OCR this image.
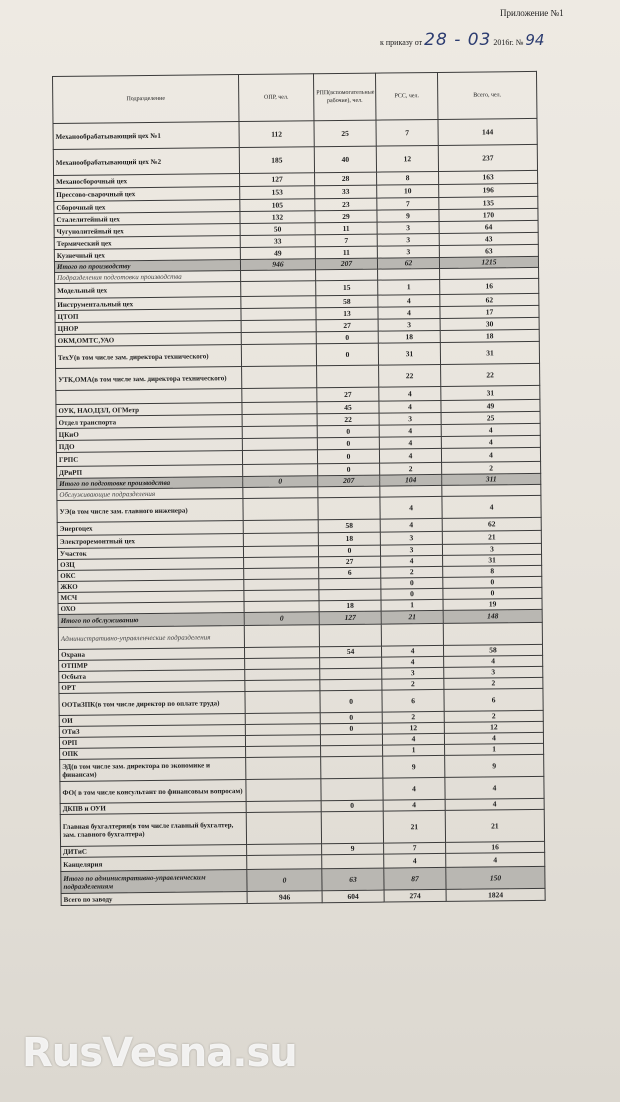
Приложение №1
к приказу от 28 - 03 2016г. № 94
Подразделение	ОПР, чел.	РПП(вспомогательные рабочие), чел.	РСС, чел.	Всего, чел.
Механообрабатывающий цех №1	112	25	7	144
Механообрабатывающий цех №2	185	40	12	237
Механосборочный цех	127	28	8	163
Прессово-сварочный цех	153	33	10	196
Сборочный цех	105	23	7	135
Сталелитейный цех	132	29	9	170
Чугунолитейный цех	50	11	3	64
Термический цех	33	7	3	43
Кузнечный цех	49	11	3	63
Итого по производству	946	207	62	1215
Подразделения подготовки производства				
Модельный цех		15	1	16
Инструментальный цех		58	4	62
ЦТОП		13	4	17
ЦНОР		27	3	30
ОКМ,ОМТС,УАО		0	18	18
ТехУ(в том числе зам. директора технического)		0	31	31
УТК,ОМА(в том числе зам. директора технического)			22	22
		27	4	31
ОУК, НАО,ЦЗЛ, ОГМетр		45	4	49
Отдел транспорта		22	3	25
ЦКиО		0	4	4
ПДО		0	4	4
ГРПС		0	4	4
ДРиРП		0	2	2
Итого по подготовке производства	0	207	104	311
Обслуживающие подразделения				
УЭ(в том числе зам. главного инженера)			4	4
Энергоцех		58	4	62
Электроремонтный цех		18	3	21
Участок		0	3	3
ОЗЦ		27	4	31
ОКС		6	2	8
ЖКО			0	0
МСЧ			0	0
ОХО		18	1	19
Итого по обслуживанию	0	127	21	148
Административно-управленческие подразделения				
Охрана		54	4	58
ОТПМР			4	4
Осбыта			3	3
ОРТ			2	2
ООТиЗПК(в том числе директор по оплате труда)		0	6	6
ОИ		0	2	2
ОТиЗ		0	12	12
ОРП			4	4
ОПК			1	1
ЭД(в том числе зам. директора по экономике и финансам)			9	9
ФО( в том числе консультант по финансовым вопросам)			4	4
ДКПВ и ОУИ		0	4	4
Главная бухгалтерия(в том числе главный бухгалтер, зам. главного бухгалтера)			21	21
ДИТиС		9	7	16
Канцелярия			4	4
Итого по административно-управленческим подразделениям	0	63	87	150
Всего по заводу	946	604	274	1824
RusVesna.su
